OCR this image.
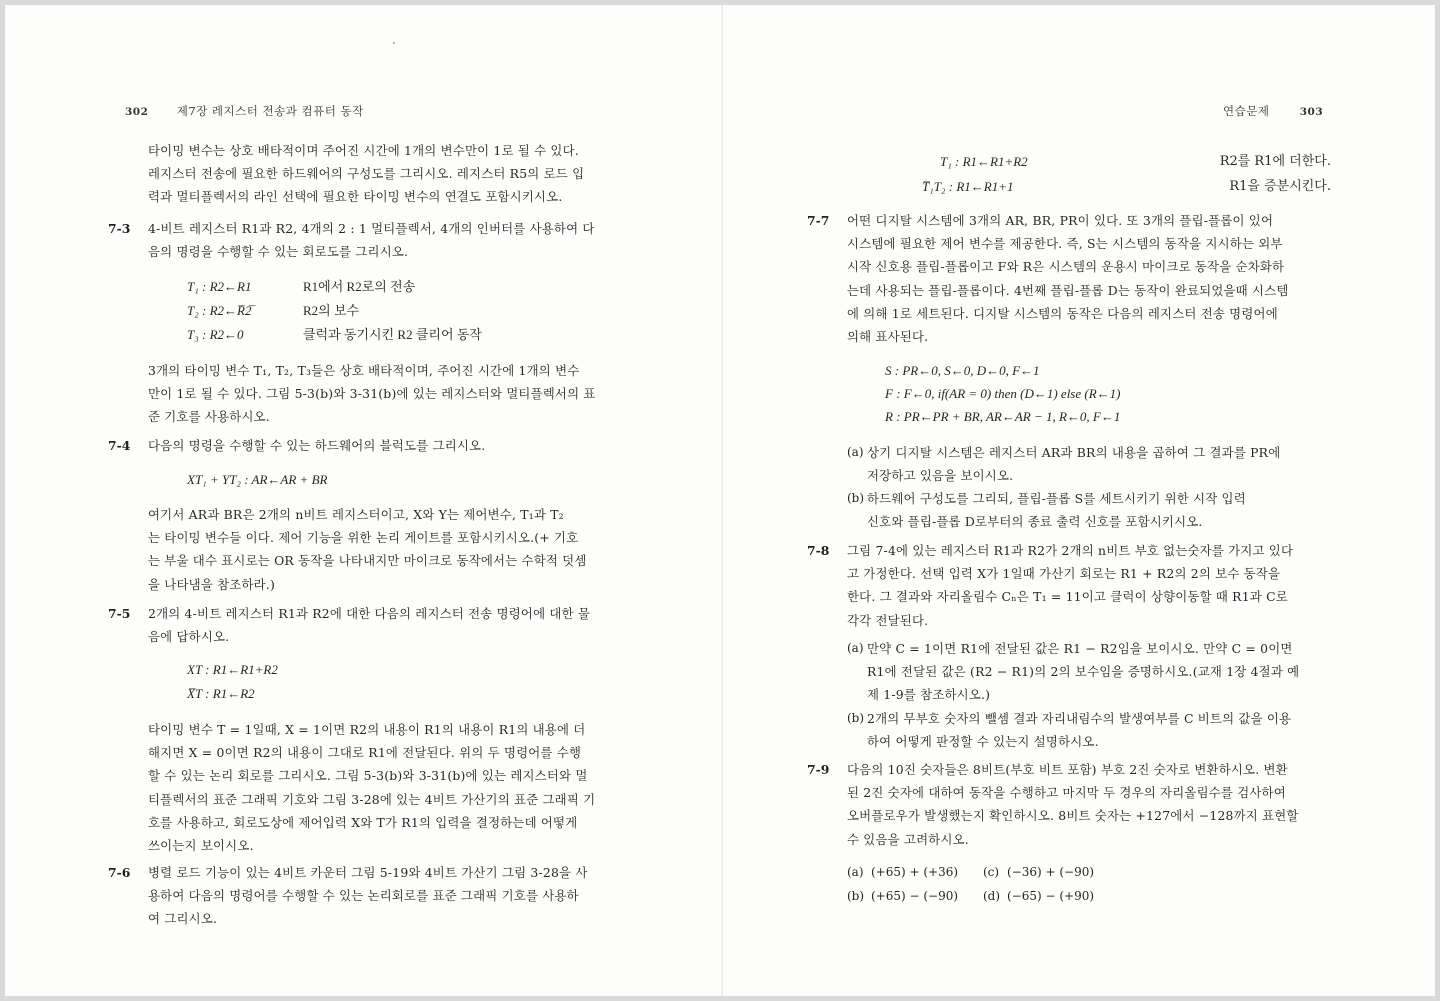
302 제7장 레지스터 전송과 컴퓨터 동작

타이밍 변수는 상호 배타적이며 주어진 시간에 1개의 변수만이 1로 될 수 있다.

레지스터 전송에 필요한 하드웨어의 구성도를 그리시오. 레지스터 R5의 로드 입

력과 멀티플렉서의 라인 선택에 필요한 타이밍 변수의 연결도 포함시키시오.

7-3 4-비트 레지스터 R1과 R2, 4개의 2 : 1 멀티플렉서, 4개의 인버터를 사용하여 다

음의 명령을 수행할 수 있는 회로도를 그리시오.

T₁ : R2←R1	R1에서 R2로의 전송
T₂ : R2←R̅2̅	R2의 보수
T₃ : R2←0	클럭과 동기시킨 R2 클리어 동작

3개의 타이밍 변수 T₁, T₂, T₃들은 상호 배타적이며, 주어진 시간에 1개의 변수

만이 1로 될 수 있다. 그림 5-3(b)와 3-31(b)에 있는 레지스터와 멀티플렉서의 표

준 기호를 사용하시오.

7-4 다음의 명령을 수행할 수 있는 하드웨어의 블럭도를 그리시오.

XT₁ + YT₂ : AR←AR + BR

여기서 AR과 BR은 2개의 n비트 레지스터이고, X와 Y는 제어변수, T₁과 T₂

는 타이밍 변수들 이다. 제어 기능을 위한 논리 게이트를 포함시키시오.(+ 기호

는 부울 대수 표시로는 OR 동작을 나타내지만 마이크로 동작에서는 수학적 덧셈

을 나타냄을 참조하라.)

7-5 2개의 4-비트 레지스터 R1과 R2에 대한 다음의 레지스터 전송 명령어에 대한 물

음에 답하시오.

XT : R1←R1+R2
X̅T : R1←R2

타이밍 변수 T = 1일때, X = 1이면 R2의 내용이 R1의 내용이 R1의 내용에 더

해지면 X = 0이면 R2의 내용이 그대로 R1에 전달된다. 위의 두 명령어를 수행

할 수 있는 논리 회로를 그리시오. 그림 5-3(b)와 3-31(b)에 있는 레지스터와 멀

티플렉서의 표준 그래픽 기호와 그림 3-28에 있는 4비트 가산기의 표준 그래픽 기

호를 사용하고, 회로도상에 제어입력 X와 T가 R1의 입력을 결정하는데 어떻게

쓰이는지 보이시오.

7-6 병렬 로드 기능이 있는 4비트 카운터 그림 5-19와 4비트 가산기 그림 3-28을 사

용하여 다음의 명령어를 수행할 수 있는 논리회로를 표준 그래픽 기호를 사용하

여 그리시오.

연습문제	303
T₁ : R1←R1+R2	R2를 R1에 더한다.
T̅₁T₂ : R1←R1+1	R1을 증분시킨다.
7-7 어떤 디지탈 시스템에 3개의 AR, BR, PR이 있다. 또 3개의 플립-플롭이 있어

시스템에 필요한 제어 변수를 제공한다. 즉, S는 시스템의 동작을 지시하는 외부

시작 신호용 플립-플롭이고 F와 R은 시스템의 운용시 마이크로 동작을 순차화하

는데 사용되는 플립-플롭이다. 4번째 플립-플롭 D는 동작이 완료되었을때 시스템

에 의해 1로 세트된다. 디지탈 시스템의 동작은 다음의 레지스터 전송 명령어에

의해 표사된다.

S : PR←0, S←0, D←0, F←1
F : F←0, if(AR = 0) then (D←1) else (R←1)
R : PR←PR + BR, AR←AR − 1, R←0, F←1
(a) 상기 디지탈 시스템은 레지스터 AR과 BR의 내용을 곱하여 그 결과를 PR에

저장하고 있음을 보이시오.

(b) 하드웨어 구성도를 그리되, 플립-플롭 S를 세트시키기 위한 시작 입력

신호와 플립-플롭 D로부터의 종료 출력 신호를 포함시키시오.

7-8 그림 7-4에 있는 레지스터 R1과 R2가 2개의 n비트 부호 없는숫자를 가지고 있다

고 가정한다. 선택 입력 X가 1일때 가산기 회로는 R1 + R2의 2의 보수 동작을

한다. 그 결과와 자리올림수 Cₙ은 T₁ = 11이고 클럭이 상향이동할 때 R1과 C로

각각 전달된다.

(a) 만약 C = 1이면 R1에 전달된 값은 R1 − R2임을 보이시오. 만약 C = 0이면

R1에 전달된 값은 (R2 − R1)의 2의 보수임을 증명하시오.(교재 1장 4절과 예

제 1-9를 참조하시오.)

(b) 2개의 무부호 숫자의 뺄셈 결과 자리내림수의 발생여부를 C 비트의 값을 이용

하여 어떻게 판정할 수 있는지 설명하시오.

7-9 다음의 10진 숫자들은 8비트(부호 비트 포함) 부호 2진 숫자로 변환하시오. 변환

된 2진 숫자에 대하여 동작을 수행하고 마지막 두 경우의 자리올림수를 검사하여

오버플로우가 발생했는지 확인하시오. 8비트 숫자는 +127에서 −128까지 표현할

수 있음을 고려하시오.

(a) (+65) + (+36) (c) (−36) + (−90)
(b) (+65) − (−90) (d) (−65) − (+90)
